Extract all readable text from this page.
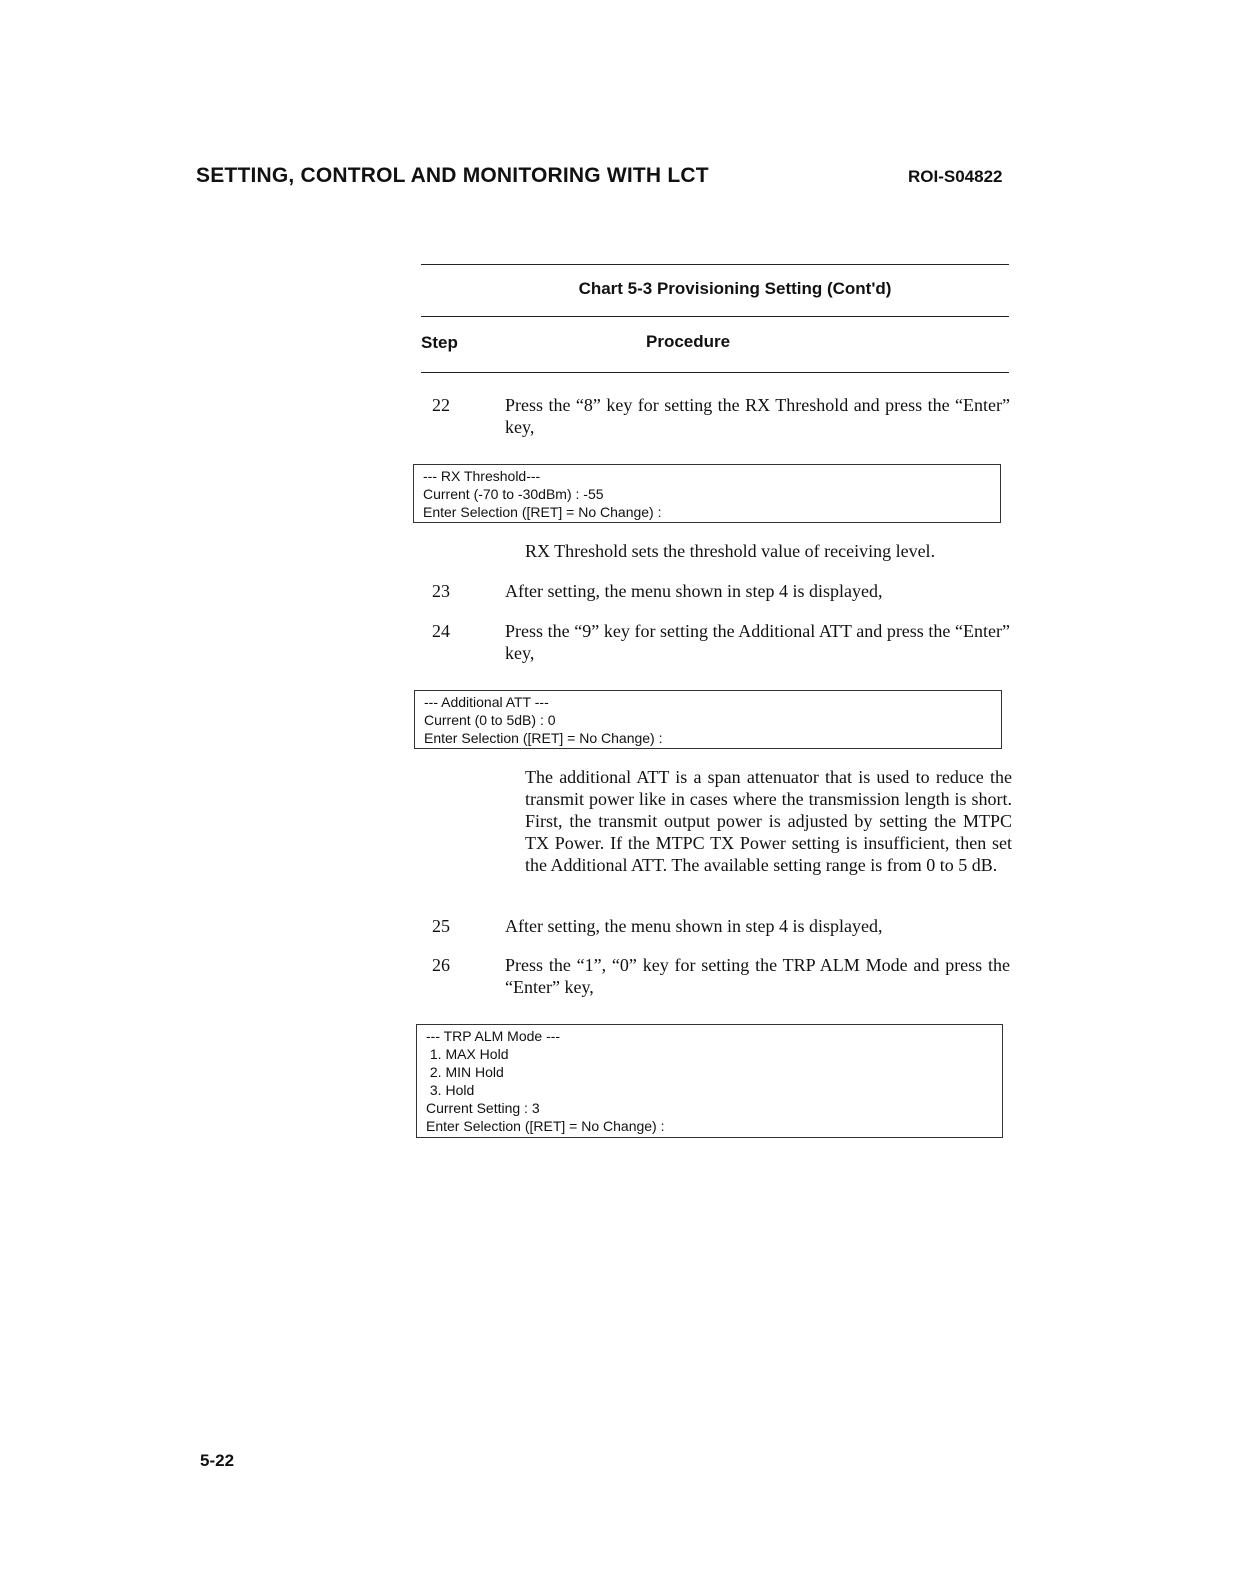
SETTING, CONTROL AND MONITORING WITH LCT	ROI-S04822
Chart 5-3 Provisioning Setting (Cont'd)
Step	Procedure
22	Press the “8” key for setting the RX Threshold and press the “Enter” key,
--- RX Threshold---
Current (-70 to -30dBm) : -55
Enter Selection ([RET] = No Change) :
RX Threshold sets the threshold value of receiving level.
23	After setting, the menu shown in step 4 is displayed,
24	Press the “9” key for setting the Additional ATT and press the “Enter” key,
--- Additional ATT ---
Current (0 to 5dB) : 0
Enter Selection ([RET] = No Change) :
The additional ATT is a span attenuator that is used to reduce the transmit power like in cases where the transmission length is short. First, the transmit output power is adjusted by setting the MTPC TX Power. If the MTPC TX Power setting is insufficient, then set the Additional ATT. The available setting range is from 0 to 5 dB.
25	After setting, the menu shown in step 4 is displayed,
26	Press the “1”, “0” key for setting the TRP ALM Mode and press the “Enter” key,
--- TRP ALM Mode ---
1. MAX Hold
2. MIN Hold
3. Hold
Current Setting : 3
Enter Selection ([RET] = No Change) :
5-22
